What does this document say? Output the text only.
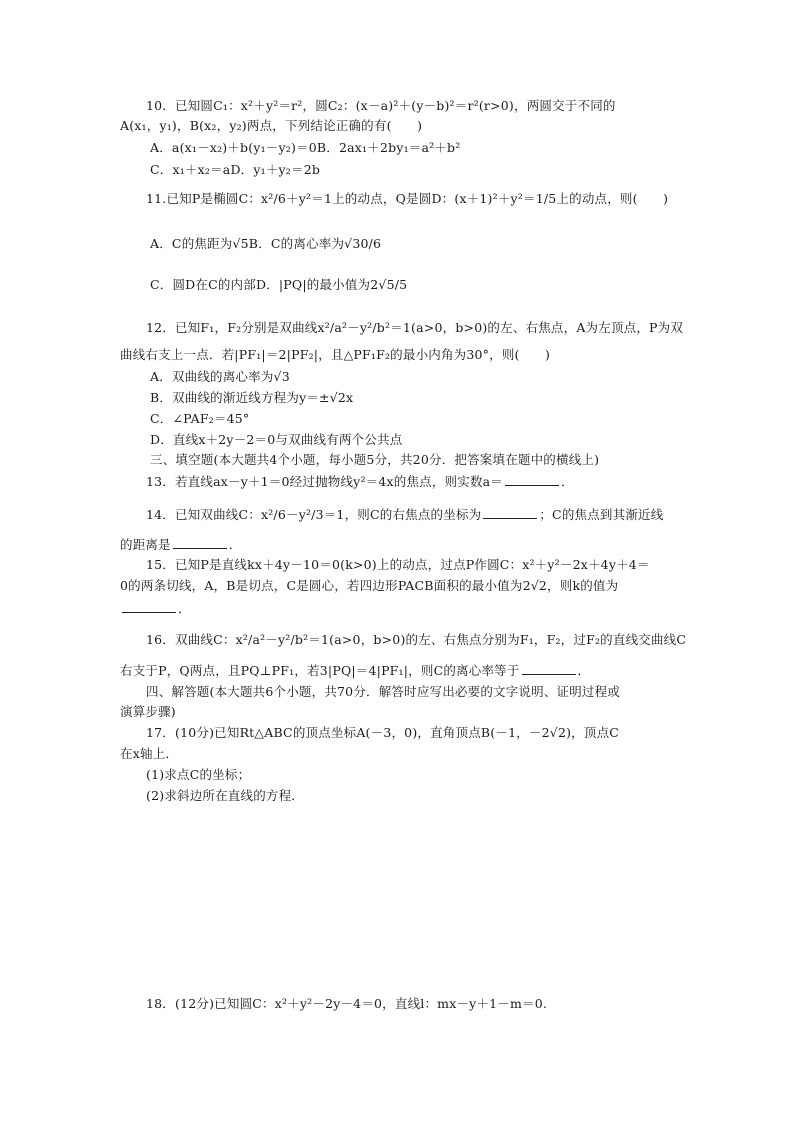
10．已知圆C₁：x²＋y²＝r²，圆C₂：(x－a)²＋(y－b)²＝r²(r>0)，两圆交于不同的
A(x₁，y₁)，B(x₂，y₂)两点，下列结论正确的有(　　)
A．a(x₁－x₂)＋b(y₁－y₂)＝0B．2ax₁＋2by₁＝a²＋b²
C．x₁＋x₂＝aD．y₁＋y₂＝2b
11.已知P是椭圆C：x²/6＋y²＝1上的动点，Q是圆D：(x＋1)²＋y²＝1/5上的动点，则(　　)
A．C的焦距为√5B．C的离心率为√30/6
C．圆D在C的内部D．|PQ|的最小值为2√5/5
12．已知F₁，F₂分别是双曲线x²/a²－y²/b²＝1(a>0，b>0)的左、右焦点，A为左顶点，P为双
曲线右支上一点．若|PF₁|＝2|PF₂|，且△PF₁F₂的最小内角为30°，则(　　)
A．双曲线的离心率为√3
B．双曲线的渐近线方程为y＝±√2x
C．∠PAF₂＝45°
D．直线x＋2y－2＝0与双曲线有两个公共点
三、填空题(本大题共4个小题，每小题5分，共20分．把答案填在题中的横线上)
13．若直线ax－y＋1＝0经过抛物线y²＝4x的焦点，则实数a＝	．
14．已知双曲线C：x²/6－y²/3＝1，则C的右焦点的坐标为	；C的焦点到其渐近线
的距离是	．
15．已知P是直线kx＋4y－10＝0(k>0)上的动点，过点P作圆C：x²＋y²－2x＋4y＋4＝
0的两条切线，A，B是切点，C是圆心，若四边形PACB面积的最小值为2√2，则k的值为
．
16．双曲线C：x²/a²－y²/b²＝1(a>0，b>0)的左、右焦点分别为F₁，F₂，过F₂的直线交曲线C
右支于P，Q两点，且PQ⊥PF₁，若3|PQ|＝4|PF₁|，则C的离心率等于	．
四、解答题(本大题共6个小题，共70分．解答时应写出必要的文字说明、证明过程或
演算步骤)
17．(10分)已知Rt△ABC的顶点坐标A(－3，0)，直角顶点B(－1，－2√2)，顶点C
在x轴上．
(1)求点C的坐标；
(2)求斜边所在直线的方程．
18．(12分)已知圆C：x²＋y²－2y－4＝0，直线l：mx－y＋1－m＝0.
